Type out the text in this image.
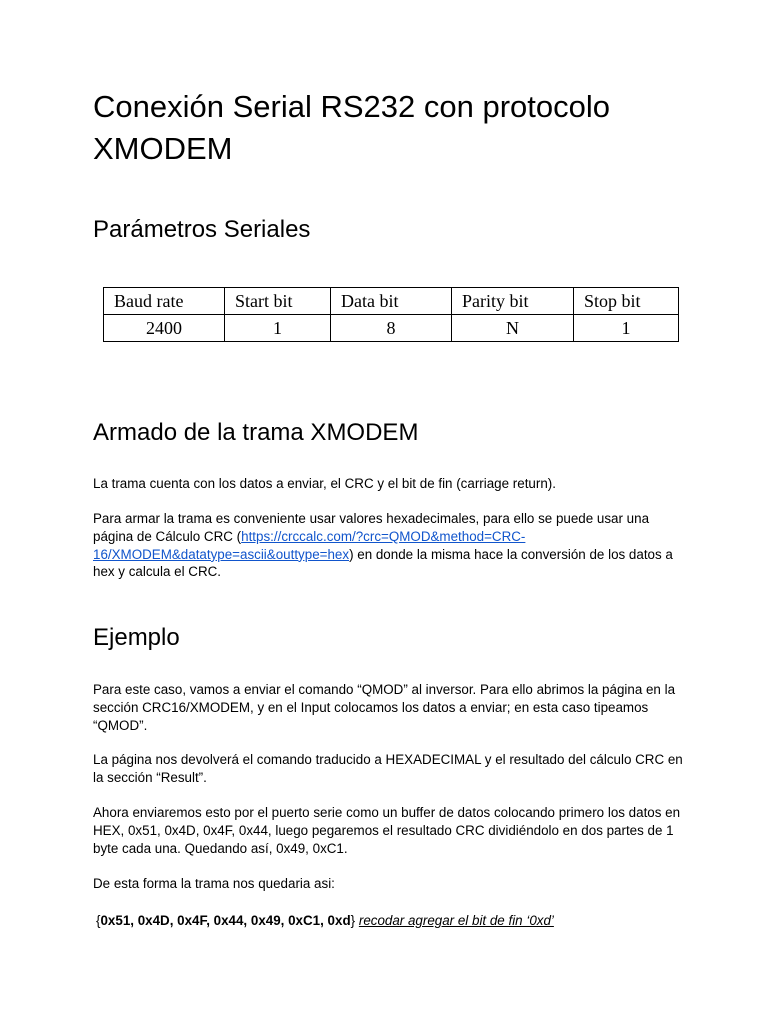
Conexión Serial RS232 con protocolo XMODEM
Parámetros Seriales
Baud rate	Start bit	Data bit	Parity bit	Stop bit
2400	1	8	N	1
Armado de la trama XMODEM

La trama cuenta con los datos a enviar, el CRC y el bit de fin (carriage return).

Para armar la trama es conveniente usar valores hexadecimales, para ello se puede usar una página de Cálculo CRC (https://crccalc.com/?crc=QMOD&method=CRC-16/XMODEM&datatype=ascii&outtype=hex) en donde la misma hace la conversión de los datos a hex y calcula el CRC.

Ejemplo

Para este caso, vamos a enviar el comando “QMOD” al inversor. Para ello abrimos la página en la sección CRC16/XMODEM, y en el Input colocamos los datos a enviar; en esta caso tipeamos “QMOD”.

La página nos devolverá el comando traducido a HEXADECIMAL y el resultado del cálculo CRC en la sección “Result”.

Ahora enviaremos esto por el puerto serie como un buffer de datos colocando primero los datos en HEX, 0x51, 0x4D, 0x4F, 0x44, luego pegaremos el resultado CRC dividiéndolo en dos partes de 1 byte cada una. Quedando así, 0x49, 0xC1.

De esta forma la trama nos quedaria asi:

{0x51, 0x4D, 0x4F, 0x44, 0x49, 0xC1, 0xd} recodar agregar el bit de fin ‘0xd’
